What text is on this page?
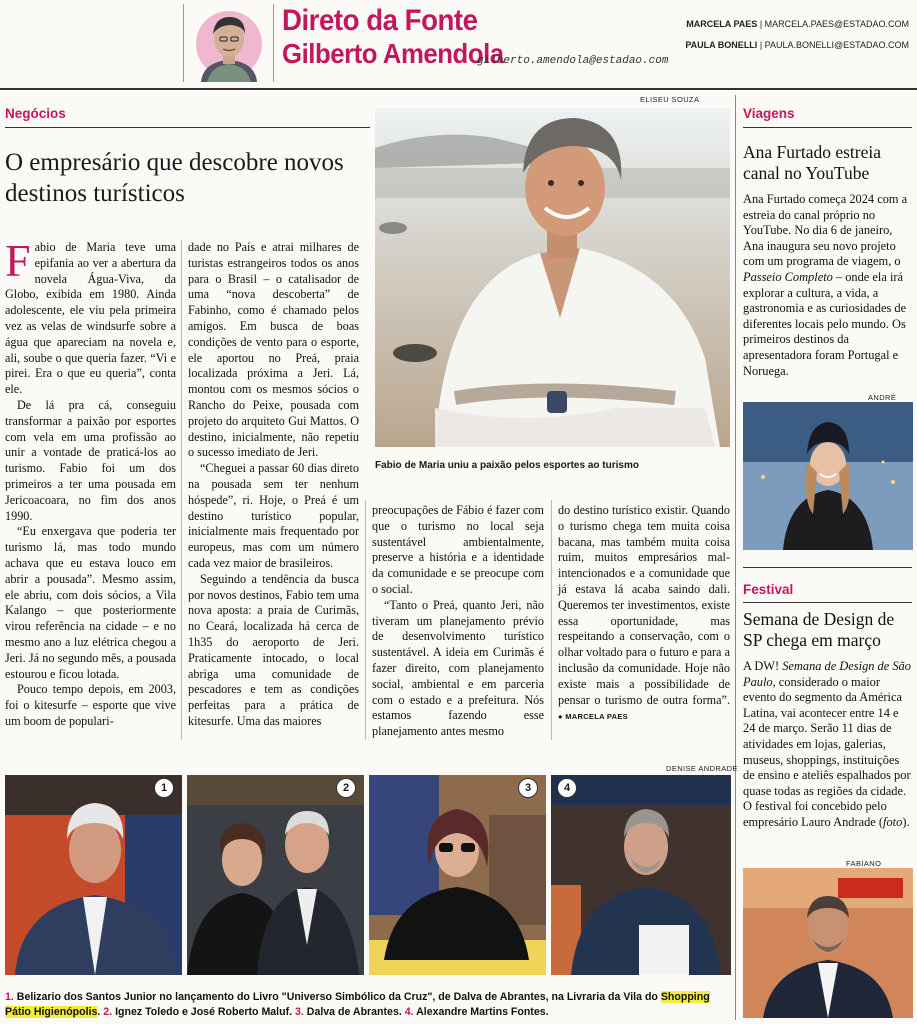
Direto da Fonte
Gilberto Amendola
gilberto.amendola@estadao.com
MARCELA PAES | MARCELA.PAES@ESTADAO.COM
PAULA BONELLI | PAULA.BONELLI@ESTADAO.COM
Negócios
O empresário que descobre novos destinos turísticos
ELISEU SOUZA
Fabio de Maria uniu a paixão pelos esportes ao turismo

Fabio de Maria teve uma epifania ao ver a abertura da novela Água-Viva, da Globo, exibida em 1980. Ainda adolescente, ele viu pela primeira vez as velas de windsurfe sobre a água que apareciam na novela e, ali, soube o que queria fazer. “Vi e pirei. Era o que eu queria”, conta ele.

De lá pra cá, conseguiu transformar a paixão por esportes com vela em uma profissão ao unir a vontade de praticá-los ao turismo. Fabio foi um dos primeiros a ter uma pousada em Jericoacoara, no fim dos anos 1990.

“Eu enxergava que poderia ter turismo lá, mas todo mundo achava que eu estava louco em abrir a pousada”. Mesmo assim, ele abriu, com dois sócios, a Vila Kalango – que posteriormente virou referência na cidade – e no mesmo ano a luz elétrica chegou a Jeri. Já no segundo mês, a pousada estourou e ficou lotada.

Pouco tempo depois, em 2003, foi o kitesurfe – esporte que vive um boom de populari-

dade no País e atrai milhares de turistas estrangeiros todos os anos para o Brasil – o catalisador de uma “nova descoberta” de Fabinho, como é chamado pelos amigos. Em busca de boas condições de vento para o esporte, ele aportou no Preá, praia localizada próxima a Jeri. Lá, montou com os mesmos sócios o Rancho do Peixe, pousada com projeto do arquiteto Gui Mattos. O destino, inicialmente, não repetiu o sucesso imediato de Jeri.

“Cheguei a passar 60 dias direto na pousada sem ter nenhum hóspede”, ri. Hoje, o Preá é um destino turístico popular, inicialmente mais frequentado por europeus, mas com um número cada vez maior de brasileiros.

Seguindo a tendência da busca por novos destinos, Fabio tem uma nova aposta: a praia de Curimãs, no Ceará, localizada há cerca de 1h35 do aeroporto de Jeri. Praticamente intocado, o local abriga uma comunidade de pescadores e tem as condições perfeitas para a prática de kitesurfe. Uma das maiores

preocupações de Fábio é fazer com que o turismo no local seja sustentável ambientalmente, preserve a história e a identidade da comunidade e se preocupe com o social.

“Tanto o Preá, quanto Jeri, não tiveram um planejamento prévio de desenvolvimento turístico sustentável. A ideia em Curimãs é fazer direito, com planejamento social, ambiental e em parceria com o estado e a prefeitura. Nós estamos fazendo esse planejamento antes mesmo

do destino turístico existir. Quando o turismo chega tem muita coisa bacana, mas também muita coisa ruim, muitos empresários mal-intencionados e a comunidade que já estava lá acaba saindo dali. Queremos ter investimentos, existe essa oportunidade, mas respeitando a conservação, com o olhar voltado para o futuro e para a inclusão da comunidade. Hoje não existe mais a possibilidade de pensar o turismo de outra forma”. ● MARCELA PAES

Viagens
Ana Furtado estreia canal no YouTube
Ana Furtado começa 2024 com a estreia do canal próprio no YouTube. No dia 6 de janeiro, Ana inaugura seu novo projeto com um programa de viagem, o Passeio Completo – onde ela irá explorar a cultura, a vida, a gastronomia e as curiosidades de diferentes locais pelo mundo. Os primeiros destinos da apresentadora foram Portugal e Noruega.
ANDRÉ
Festival
Semana de Design de SP chega em março
A DW! Semana de Design de São Paulo, considerado o maior evento do segmento da América Latina, vai acontecer entre 14 e 24 de março. Serão 11 dias de atividades em lojas, galerias, museus, shoppings, instituições de ensino e ateliês espalhados por quase todas as regiões da cidade. O festival foi concebido pelo empresário Lauro Andrade (foto).
FABIANO
DENISE ANDRADE
1	2	3	4
1. Belizario dos Santos Junior no lançamento do Livro "Universo Simbólico da Cruz", de Dalva de Abrantes, na Livraria da Vila do Shopping Pátio Higienópolis. 2. Ignez Toledo e José Roberto Maluf. 3. Dalva de Abrantes. 4. Alexandre Martins Fontes.
